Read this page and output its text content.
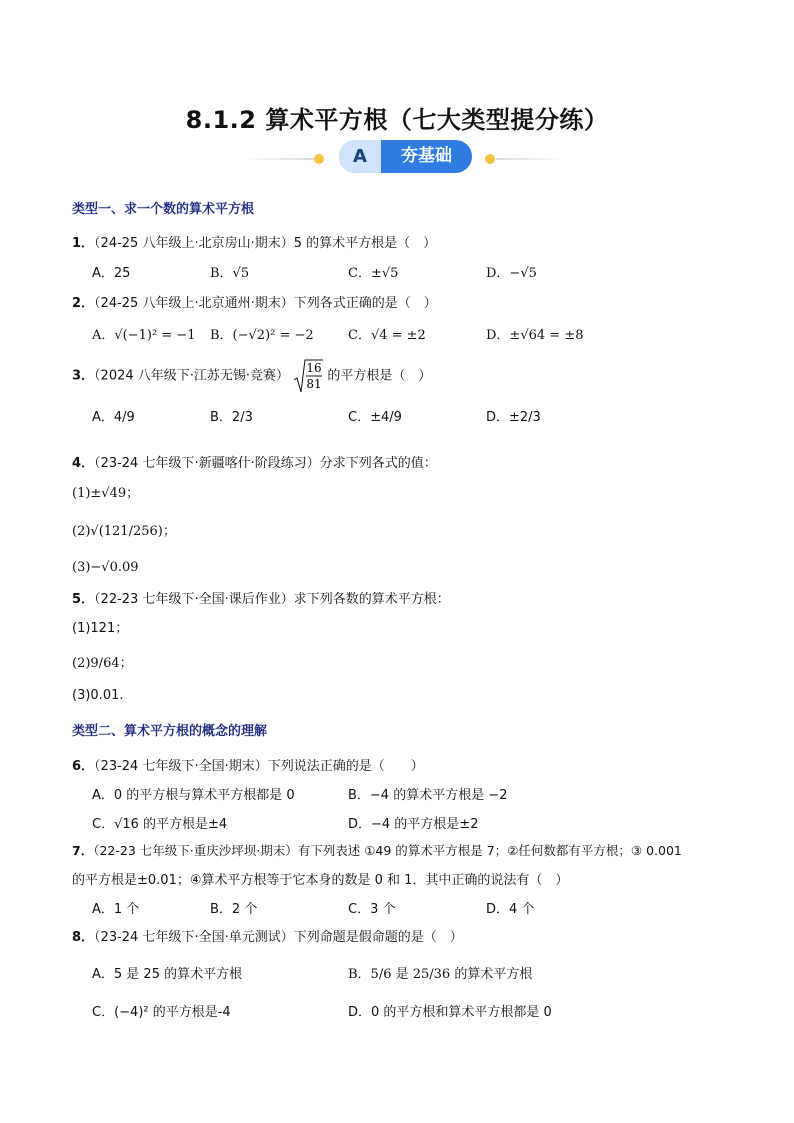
8.1.2 算术平方根（七大类型提分练）
A	夯基础
类型一、求一个数的算术平方根
1．（24-25 八年级上·北京房山·期末）5 的算术平方根是（　）
A．25	B．√5	C．±√5	D．−√5
2．（24-25 八年级上·北京通州·期末）下列各式正确的是（　）
A．√(−1)² = −1 B．(−√2)² = −2	C．√4 = ±2	D．±√64 = ±8
3．（2024 八年级下·江苏无锡·竞赛）
16
81
的平方根是（　）
A．4/9	B．2/3	C．±4/9	D．±2/3
4．（23-24 七年级下·新疆喀什·阶段练习）分求下列各式的值：
(1)±√49；
(2)√(121/256)；
(3)−√0.09
5．（22-23 七年级下·全国·课后作业）求下列各数的算术平方根：
(1)121；
(2)9/64；
(3)0.01.
类型二、算术平方根的概念的理解
6．（23-24 七年级下·全国·期末）下列说法正确的是（　　）
A．0 的平方根与算术平方根都是 0	B．−4 的算术平方根是 −2
C．√16 的平方根是±4	D．−4 的平方根是±2
7．（22-23 七年级下·重庆沙坪坝·期末）有下列表述 ①49 的算术平方根是 7；②任何数都有平方根；③ 0.001
的平方根是±0.01；④算术平方根等于它本身的数是 0 和 1．其中正确的说法有（　）
A．1 个	B．2 个	C．3 个	D．4 个
8．（23-24 七年级下·全国·单元测试）下列命题是假命题的是（　）
A．5 是 25 的算术平方根	B．5/6 是 25/36 的算术平方根
C．(−4)² 的平方根是-4	D．0 的平方根和算术平方根都是 0
